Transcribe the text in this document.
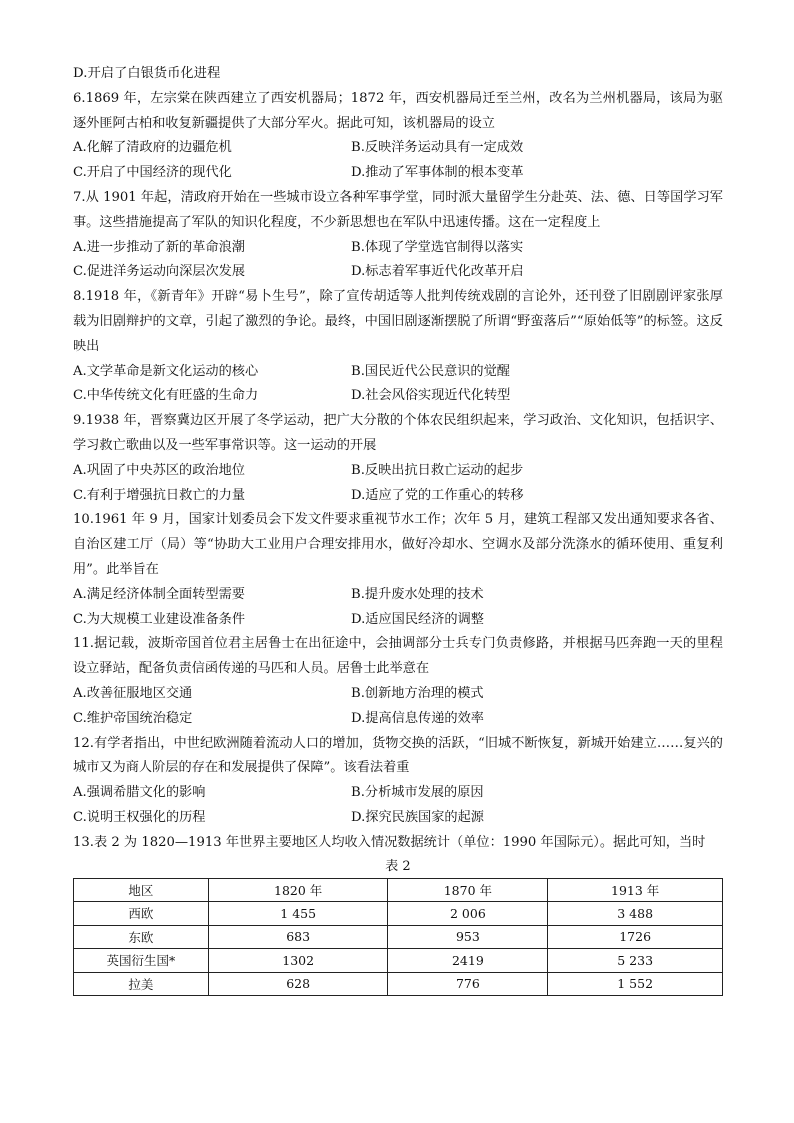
D.开启了白银货币化进程
6.1869 年，左宗棠在陕西建立了西安机器局；1872 年，西安机器局迁至兰州，改名为兰州机器局，该局为驱逐外匪阿古柏和收复新疆提供了大部分军火。据此可知，该机器局的设立
A.化解了清政府的边疆危机	B.反映洋务运动具有一定成效
C.开启了中国经济的现代化	D.推动了军事体制的根本变革
7.从 1901 年起，清政府开始在一些城市设立各种军事学堂，同时派大量留学生分赴英、法、德、日等国学习军事。这些措施提高了军队的知识化程度，不少新思想也在军队中迅速传播。这在一定程度上
A.进一步推动了新的革命浪潮	B.体现了学堂选官制得以落实
C.促进洋务运动向深层次发展	D.标志着军事近代化改革开启
8.1918 年，《新青年》开辟“易卜生号”，除了宣传胡适等人批判传统戏剧的言论外，还刊登了旧剧剧评家张厚载为旧剧辩护的文章，引起了激烈的争论。最终，中国旧剧逐渐摆脱了所谓“野蛮落后”“原始低等”的标签。这反映出
A.文学革命是新文化运动的核心	B.国民近代公民意识的觉醒
C.中华传统文化有旺盛的生命力	D.社会风俗实现近代化转型
9.1938 年，晋察冀边区开展了冬学运动，把广大分散的个体农民组织起来，学习政治、文化知识，包括识字、学习救亡歌曲以及一些军事常识等。这一运动的开展
A.巩固了中央苏区的政治地位	B.反映出抗日救亡运动的起步
C.有利于增强抗日救亡的力量	D.适应了党的工作重心的转移
10.1961 年 9 月，国家计划委员会下发文件要求重视节水工作；次年 5 月，建筑工程部又发出通知要求各省、自治区建工厅（局）等“协助大工业用户合理安排用水，做好冷却水、空调水及部分洗涤水的循环使用、重复利用”。此举旨在
A.满足经济体制全面转型需要	B.提升废水处理的技术
C.为大规模工业建设准备条件	D.适应国民经济的调整
11.据记载，波斯帝国首位君主居鲁士在出征途中，会抽调部分士兵专门负责修路，并根据马匹奔跑一天的里程设立驿站，配备负责信函传递的马匹和人员。居鲁士此举意在
A.改善征服地区交通	B.创新地方治理的模式
C.维护帝国统治稳定	D.提高信息传递的效率
12.有学者指出，中世纪欧洲随着流动人口的增加，货物交换的活跃，“旧城不断恢复，新城开始建立……复兴的城市又为商人阶层的存在和发展提供了保障”。该看法着重
A.强调希腊文化的影响	B.分析城市发展的原因
C.说明王权强化的历程	D.探究民族国家的起源
13.表 2 为 1820—1913 年世界主要地区人均收入情况数据统计（单位：1990 年国际元）。据此可知，当时
表 2
地区	1820 年	1870 年	1913 年
西欧	1 455	2 006	3 488
东欧	683	953	1726
英国衍生国*	1302	2419	5 233
拉美	628	776	1 552
